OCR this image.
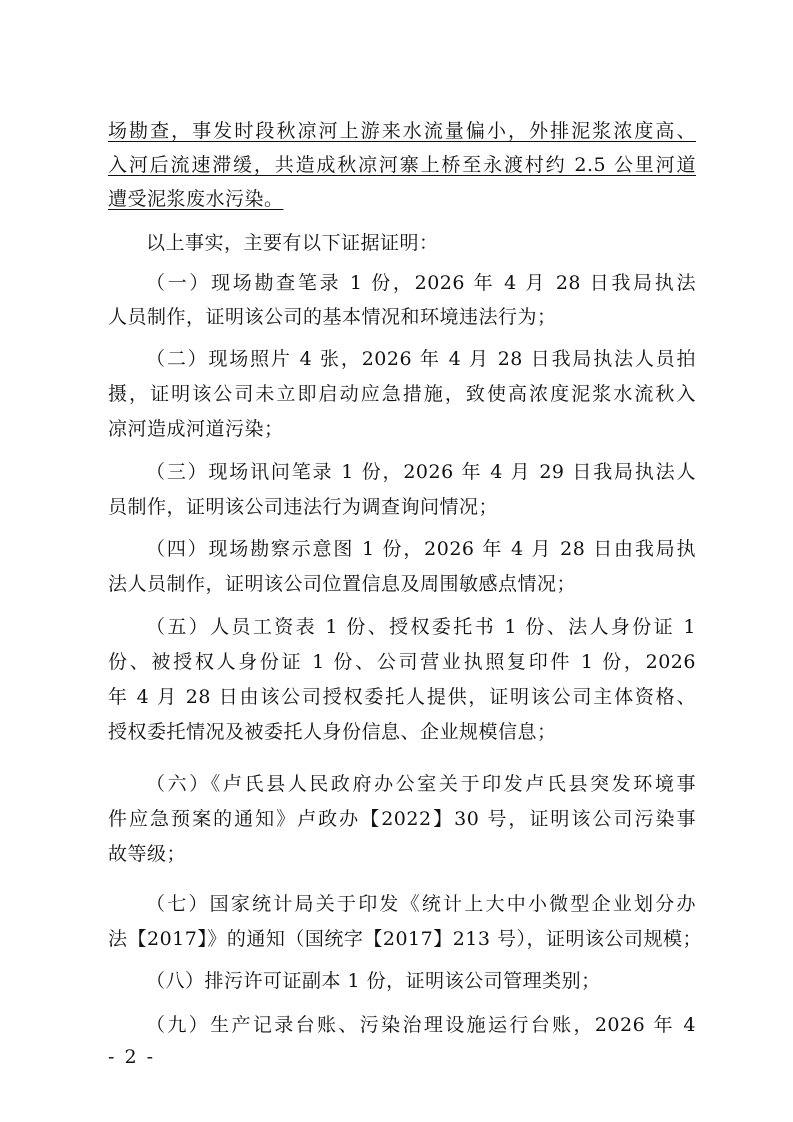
场勘查，事发时段秋凉河上游来水流量偏小，外排泥浆浓度高、
入河后流速滞缓，共造成秋凉河寨上桥至永渡村约 2.5 公里河道
遭受泥浆废水污染。
以上事实，主要有以下证据证明：
（一）现场勘查笔录 1 份，2026 年 4 月 28 日我局执法
人员制作，证明该公司的基本情况和环境违法行为；
（二）现场照片 4 张，2026 年 4 月 28 日我局执法人员拍
摄，证明该公司未立即启动应急措施，致使高浓度泥浆水流秋入
凉河造成河道污染；
（三）现场讯问笔录 1 份，2026 年 4 月 29 日我局执法人
员制作，证明该公司违法行为调查询问情况；
（四）现场勘察示意图 1 份，2026 年 4 月 28 日由我局执
法人员制作，证明该公司位置信息及周围敏感点情况；
（五）人员工资表 1 份、授权委托书 1 份、法人身份证 1
份、被授权人身份证 1 份、公司营业执照复印件 1 份，2026
年 4 月 28 日由该公司授权委托人提供，证明该公司主体资格、
授权委托情况及被委托人身份信息、企业规模信息；
（六）《卢氏县人民政府办公室关于印发卢氏县突发环境事
件应急预案的通知》卢政办【2022】30 号，证明该公司污染事
故等级；
（七）国家统计局关于印发《统计上大中小微型企业划分办
法【2017】》的通知（国统字【2017】213 号），证明该公司规模；
（八）排污许可证副本 1 份，证明该公司管理类别；
（九）生产记录台账、污染治理设施运行台账，2026 年 4
- 2 -
